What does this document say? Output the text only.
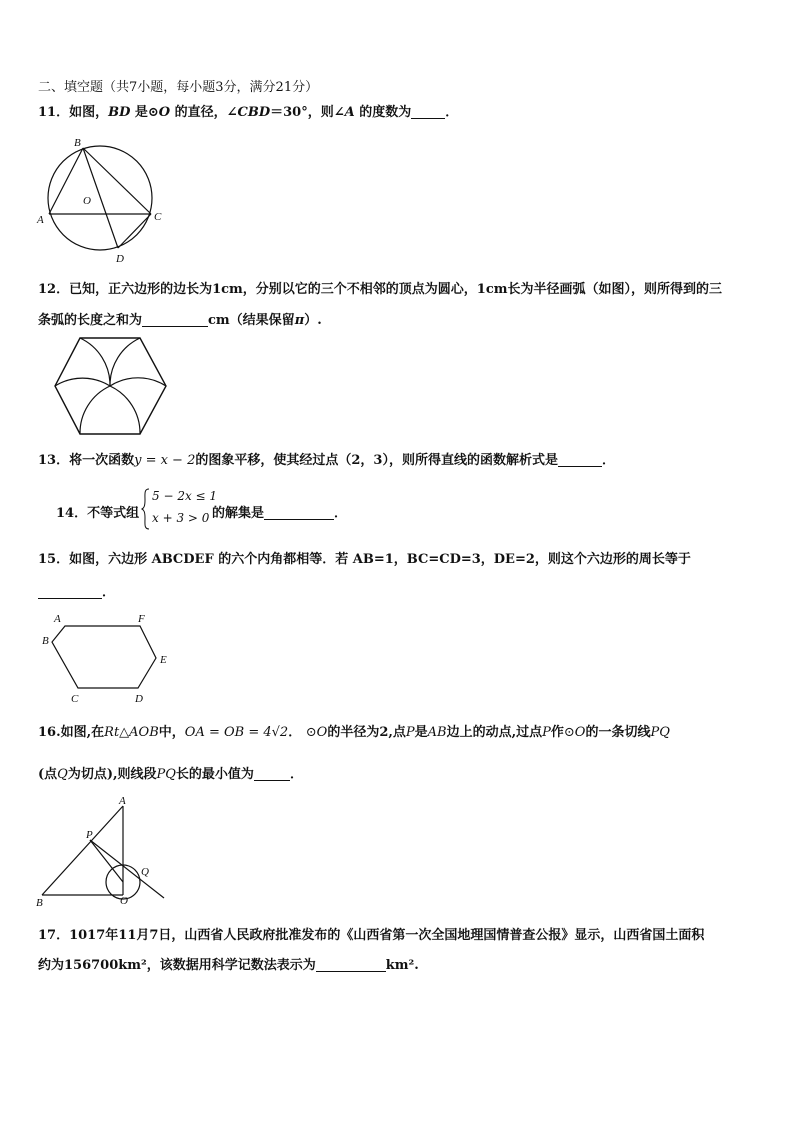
二、填空题（共7小题，每小题3分，满分21分）
11．如图，BD 是⊙O 的直径，∠CBD＝30°，则∠A 的度数为	．
B
O
A	C
D
12．已知，正六边形的边长为1cm，分别以它的三个不相邻的顶点为圆心，1cm长为半径画弧（如图），则所得到的三
条弧的长度之和为	cm（结果保留π）.
13．将一次函数y = x − 2的图象平移，使其经过点（2，3），则所得直线的函数解析式是	．
14．不等式组
5 − 2x ≤ 1
x + 3 > 0 的解集是	．
15．如图，六边形 ABCDEF 的六个内角都相等．若 AB=1，BC=CD=3，DE=2，则这个六边形的周长等于
．
A	F
B
E
C	D
16.如图,在Rt△AOB中，OA = OB = 4√2． ⊙O的半径为2,点P是AB边上的动点,过点P作⊙O的一条切线PQ
(点Q为切点),则线段PQ长的最小值为	．
A
P
Q
B	O
17．1017年11月7日，山西省人民政府批准发布的《山西省第一次全国地理国情普查公报》显示，山西省国土面积
约为156700km²，该数据用科学记数法表示为	km².
